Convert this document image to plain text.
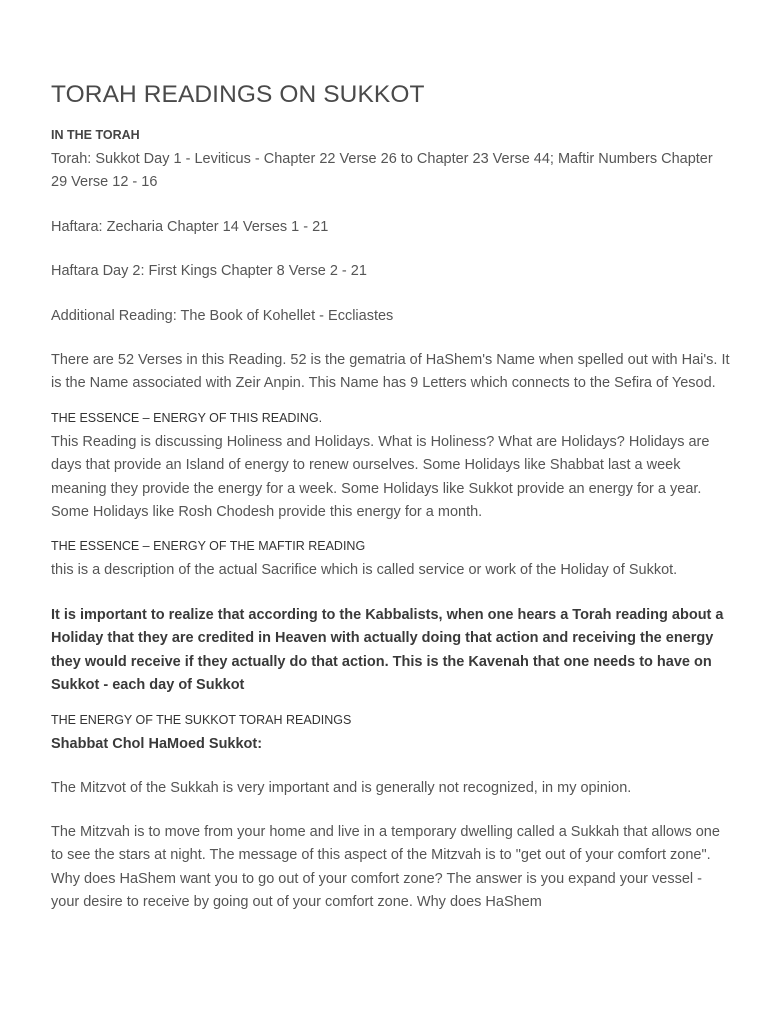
TORAH READINGS ON SUKKOT
IN THE TORAH

Torah: Sukkot Day 1 - Leviticus - Chapter 22 Verse 26 to Chapter 23 Verse 44; Maftir Numbers Chapter 29 Verse 12 - 16

Haftara: Zecharia Chapter 14 Verses 1 - 21

Haftara Day 2: First Kings Chapter 8 Verse 2 - 21

Additional Reading: The Book of Kohellet - Eccliastes

There are 52 Verses in this Reading. 52 is the gematria of HaShem's Name when spelled out with Hai's. It is the Name associated with Zeir Anpin. This Name has 9 Letters which connects to the Sefira of Yesod.

THE ESSENCE – ENERGY OF THIS READING.

This Reading is discussing Holiness and Holidays. What is Holiness? What are Holidays? Holidays are days that provide an Island of energy to renew ourselves. Some Holidays like Shabbat last a week meaning they provide the energy for a week. Some Holidays like Sukkot provide an energy for a year. Some Holidays like Rosh Chodesh provide this energy for a month.

THE ESSENCE – ENERGY OF THE MAFTIR READING

this is a description of the actual Sacrifice which is called service or work of the Holiday of Sukkot.

It is important to realize that according to the Kabbalists, when one hears a Torah reading about a Holiday that they are credited in Heaven with actually doing that action and receiving the energy they would receive if they actually do that action. This is the Kavenah that one needs to have on Sukkot - each day of Sukkot

THE ENERGY OF THE SUKKOT TORAH READINGS

Shabbat Chol HaMoed Sukkot:

The Mitzvot of the Sukkah is very important and is generally not recognized, in my opinion.

The Mitzvah is to move from your home and live in a temporary dwelling called a Sukkah that allows one to see the stars at night. The message of this aspect of the Mitzvah is to "get out of your comfort zone". Why does HaShem want you to go out of your comfort zone? The answer is you expand your vessel - your desire to receive by going out of your comfort zone. Why does HaShem
